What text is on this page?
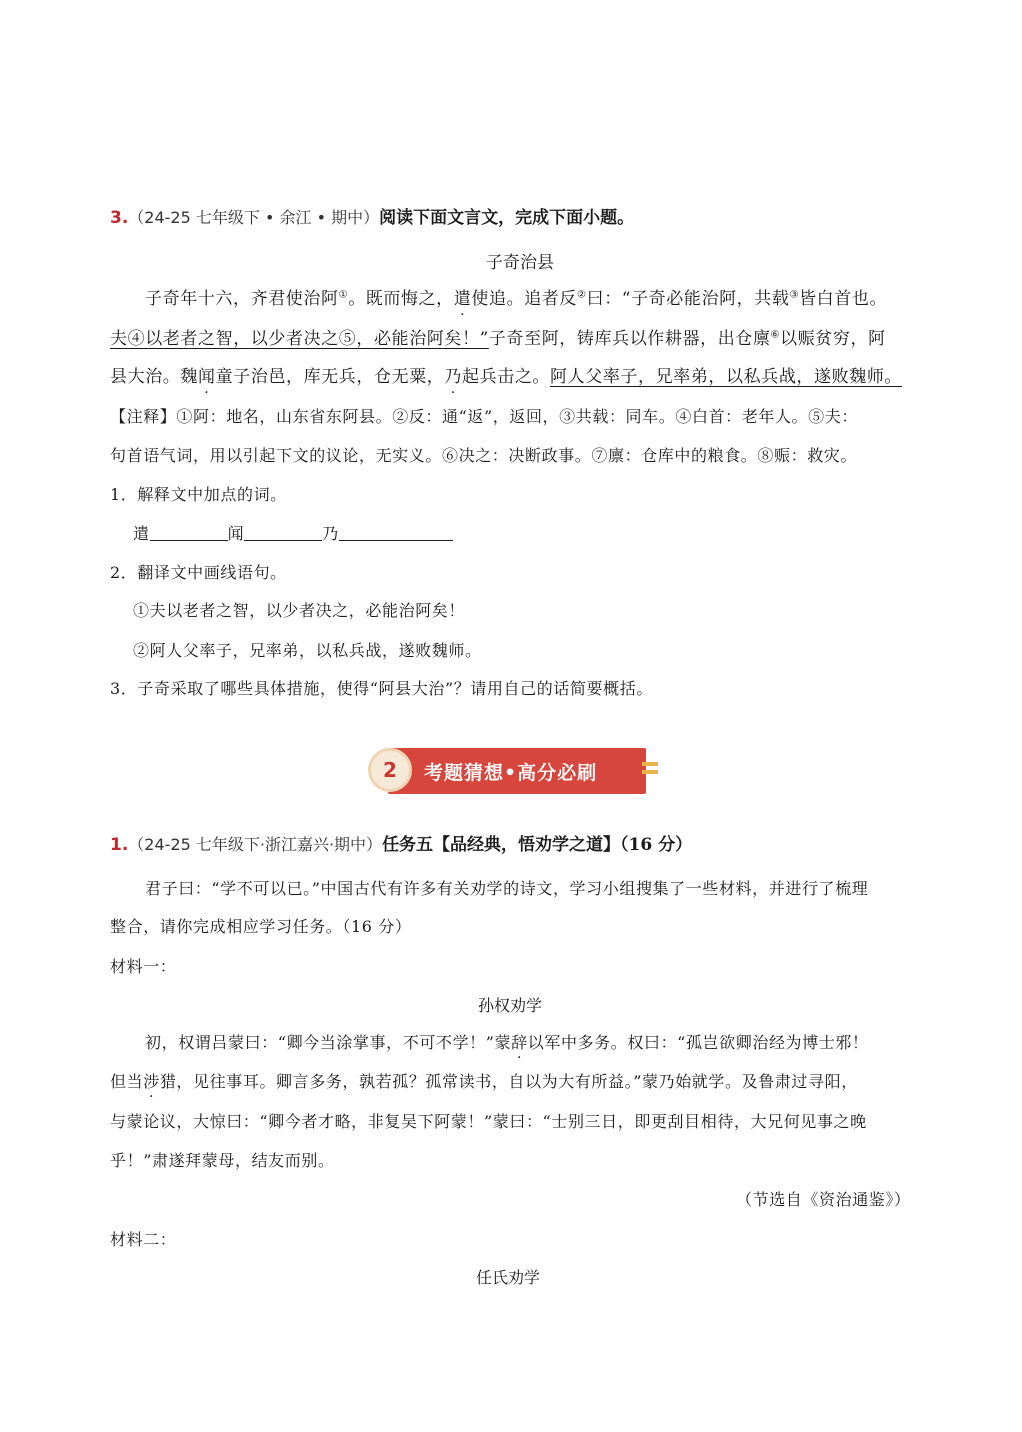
3.（24-25 七年级下 • 余江 • 期中）阅读下面文言文，完成下面小题。
子奇治县
子奇年十六，齐君使治阿①。既而悔之，遣使追。追者反②曰：“子奇必能治阿，共载③皆白首也。
夫④以老者之智，以少者决之⑤，必能治阿矣！”子奇至阿，铸库兵以作耕器，出仓廪⑥以赈贫穷，阿
县大治。魏闻童子治邑，库无兵，仓无粟，乃起兵击之。阿人父率子，兄率弟，以私兵战，遂败魏师。
【注释】①阿：地名，山东省东阿县。②反：通“返”，返回，③共载：同车。④白首：老年人。⑤夫：
句首语气词，用以引起下文的议论，无实义。⑥决之：决断政事。⑦廪：仓库中的粮食。⑧赈：救灾。
1．解释文中加点的词。
遣	闻	乃
2．翻译文中画线语句。
①夫以老者之智，以少者决之，必能治阿矣！
②阿人父率子，兄率弟，以私兵战，遂败魏师。
3．子奇采取了哪些具体措施，使得“阿县大治”？请用自己的话简要概括。
2	考题猜想•高分必刷
1.（24-25 七年级下·浙江嘉兴·期中）任务五【品经典，悟劝学之道】（16 分）
君子曰：“学不可以已。”中国古代有许多有关劝学的诗文，学习小组搜集了一些材料，并进行了梳理
整合，请你完成相应学习任务。（16 分）
材料一：
孙权劝学
初，权谓吕蒙曰：“卿今当涂掌事，不可不学！”蒙辞以军中多务。权曰：“孤岂欲卿治经为博士邪！
但当涉猎，见往事耳。卿言多务，孰若孤？孤常读书，自以为大有所益。”蒙乃始就学。及鲁肃过寻阳，
与蒙论议，大惊曰：“卿今者才略，非复吴下阿蒙！”蒙曰：“士别三日，即更刮目相待，大兄何见事之晚
乎！”肃遂拜蒙母，结友而别。
（节选自《资治通鉴》）
材料二：
任氏劝学
